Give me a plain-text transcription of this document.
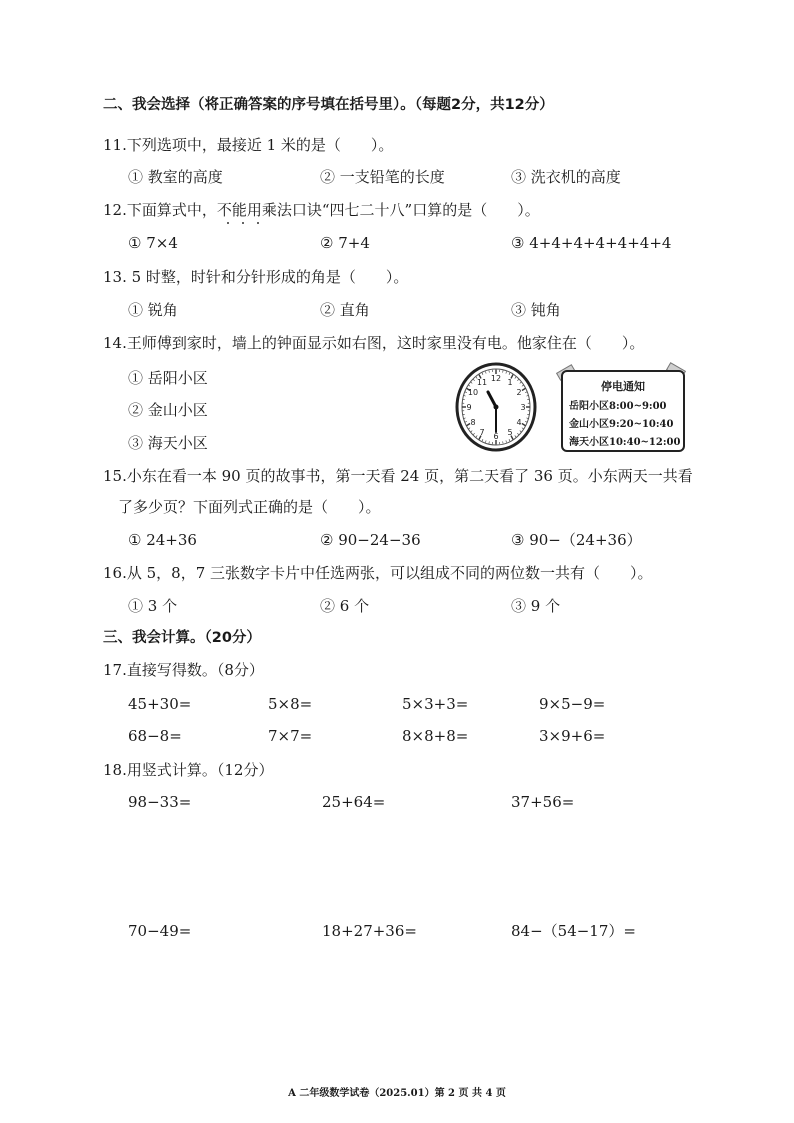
二、我会选择（将正确答案的序号填在括号里）。（每题2分，共12分）
11.下列选项中，最接近 1 米的是（　　）。
① 教室的高度	② 一支铅笔的长度	③ 洗衣机的高度
12.下面算式中，不能用乘法口诀“四七二十八”口算的是（　　）。
① 7×4	② 7+4	③ 4+4+4+4+4+4+4
13. 5 时整，时针和分针形成的角是（　　）。
① 锐角	② 直角	③ 钝角
14.王师傅到家时，墙上的钟面显示如右图，这时家里没有电。他家住在（　　）。
① 岳阳小区
② 金山小区
③ 海天小区
12 1
2
3
4
5
6
7
8
9
10
11	停电通知
岳阳小区8:00~9:00
金山小区9:20~10:40
海天小区10:40~12:00
15.小东在看一本 90 页的故事书，第一天看 24 页，第二天看了 36 页。小东两天一共看
了多少页？下面列式正确的是（　　）。
① 24+36	② 90−24−36	③ 90−（24+36）
16.从 5，8，7 三张数字卡片中任选两张，可以组成不同的两位数一共有（　　）。
① 3 个	② 6 个	③ 9 个
三、我会计算。（20分）
17.直接写得数。（8分）
45+30=	5×8=	5×3+3=	9×5−9=
68−8=	7×7=	8×8+8=	3×9+6=
18.用竖式计算。（12分）
98−33=	25+64=	37+56=
70−49=	18+27+36=	84−（54−17）=
A 二年级数学试卷（2025.01）第 2 页 共 4 页
